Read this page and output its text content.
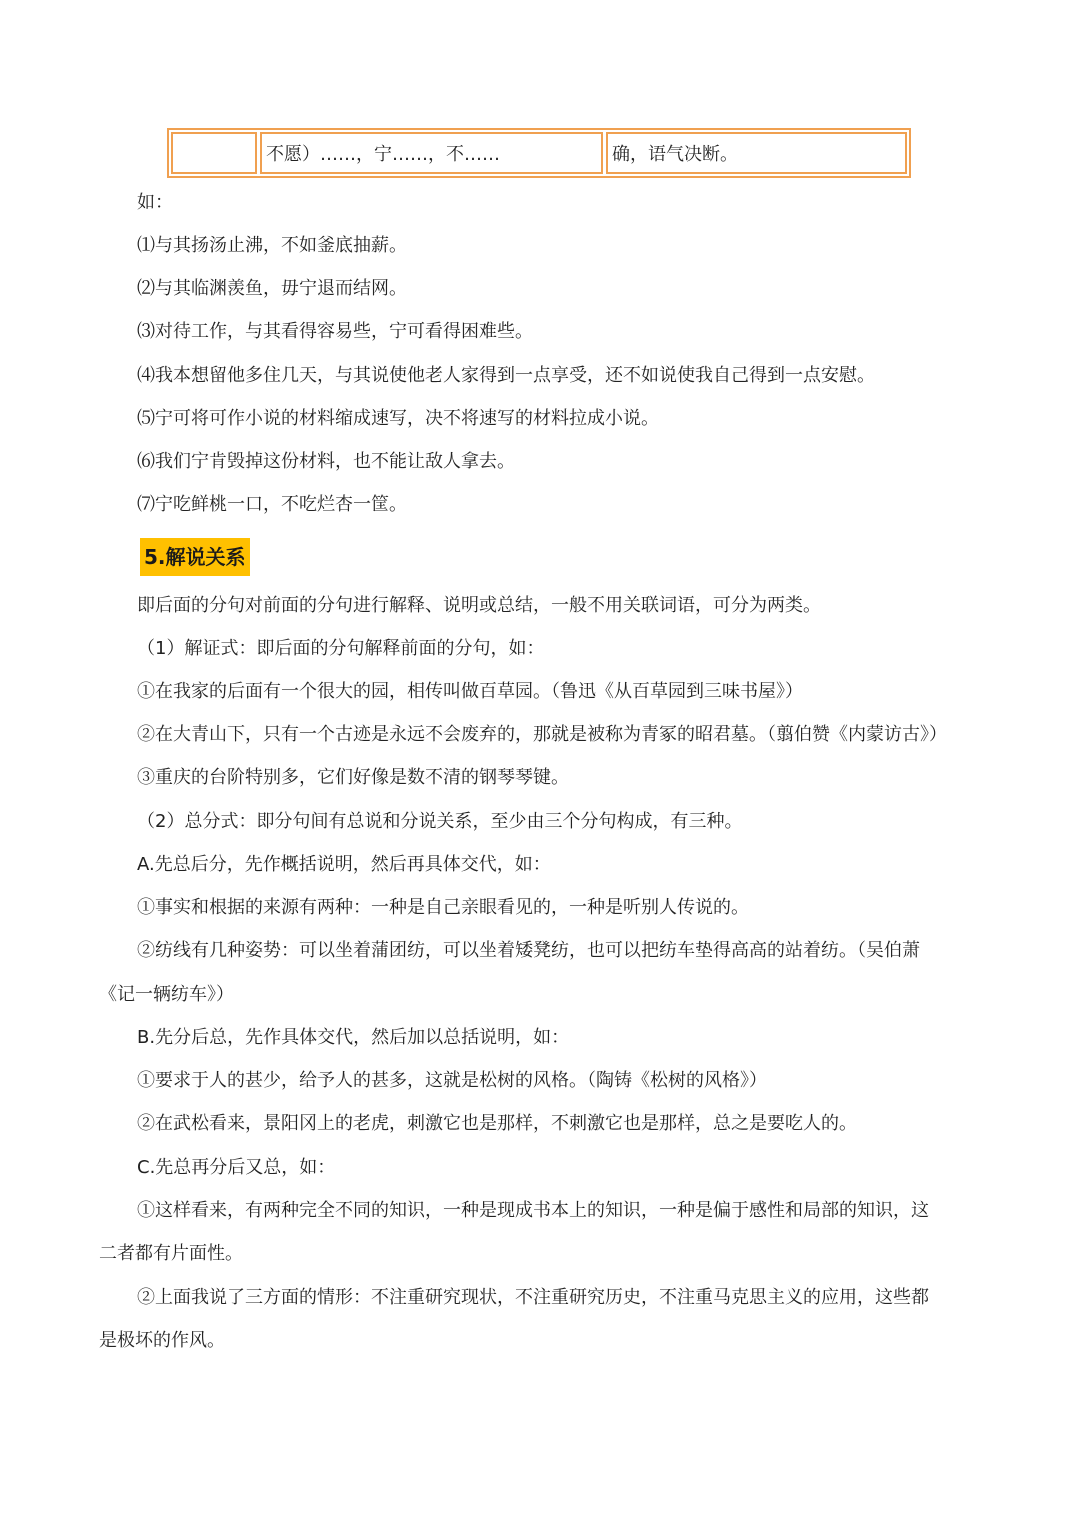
不愿）……，宁……，不……	确，语气决断。

如：

⑴与其扬汤止沸，不如釜底抽薪。

⑵与其临渊羡鱼，毋宁退而结网。

⑶对待工作，与其看得容易些，宁可看得困难些。

⑷我本想留他多住几天，与其说使他老人家得到一点享受，还不如说使我自己得到一点安慰。

⑸宁可将可作小说的材料缩成速写，决不将速写的材料拉成小说。

⑹我们宁肯毁掉这份材料，也不能让敌人拿去。

⑺宁吃鲜桃一口，不吃烂杏一筐。

5.解说关系

即后面的分句对前面的分句进行解释、说明或总结，一般不用关联词语，可分为两类。

（1）解证式：即后面的分句解释前面的分句，如：

①在我家的后面有一个很大的园，相传叫做百草园。（鲁迅《从百草园到三味书屋》）

②在大青山下，只有一个古迹是永远不会废弃的，那就是被称为青冢的昭君墓。（翦伯赞《内蒙访古》）

③重庆的台阶特别多，它们好像是数不清的钢琴琴键。

（2）总分式：即分句间有总说和分说关系，至少由三个分句构成，有三种。

A.先总后分，先作概括说明，然后再具体交代，如：

①事实和根据的来源有两种：一种是自己亲眼看见的，一种是听别人传说的。

②纺线有几种姿势：可以坐着蒲团纺，可以坐着矮凳纺，也可以把纺车垫得高高的站着纺。（吴伯萧

《记一辆纺车》）

B.先分后总，先作具体交代，然后加以总括说明，如：

①要求于人的甚少，给予人的甚多，这就是松树的风格。（陶铸《松树的风格》）

②在武松看来，景阳冈上的老虎，刺激它也是那样，不刺激它也是那样，总之是要吃人的。

C.先总再分后又总，如：

①这样看来，有两种完全不同的知识，一种是现成书本上的知识，一种是偏于感性和局部的知识，这

二者都有片面性。

②上面我说了三方面的情形：不注重研究现状，不注重研究历史，不注重马克思主义的应用，这些都

是极坏的作风。
